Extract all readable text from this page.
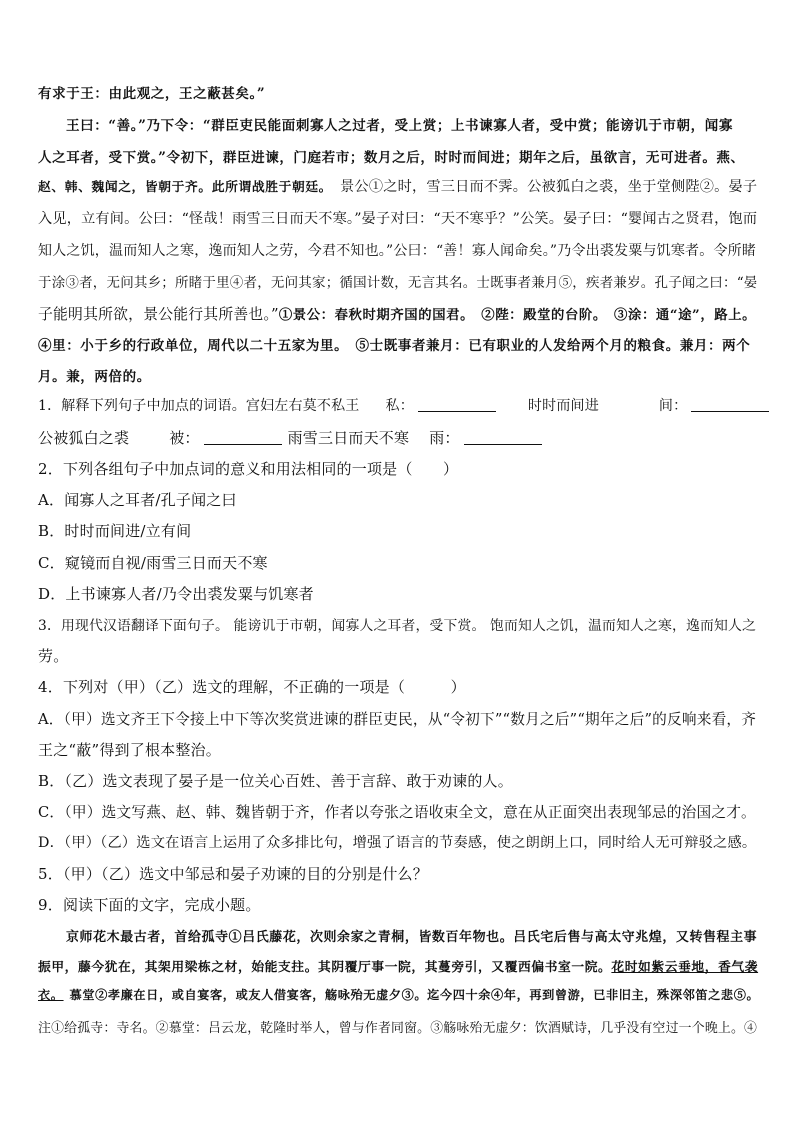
有求于王：由此观之，王之蔽甚矣。”
王曰：“善。”乃下令：“群臣吏民能面刺寡人之过者，受上赏；上书谏寡人者，受中赏；能谤讥于市朝，闻寡
人之耳者，受下赏。”令初下，群臣进谏，门庭若市；数月之后，时时而间进；期年之后，虽欲言，无可进者。燕、
赵、韩、魏闻之，皆朝于齐。此所谓战胜于朝廷。 景公①之时，雪三日而不霁。公被狐白之裘，坐于堂侧陛②。晏子
入见，立有间。公曰：“怪哉！雨雪三日而天不寒。”晏子对曰：“天不寒乎？”公笑。晏子曰：“婴闻古之贤君，饱而
知人之饥，温而知人之寒，逸而知人之劳，今君不知也。”公曰：“善！寡人闻命矣。”乃令出裘发粟与饥寒者。令所睹
于涂③者，无问其乡；所睹于里④者，无问其家；循国计数，无言其名。士既事者兼月⑤，疾者兼岁。孔子闻之曰：“晏
子能明其所欲，景公能行其所善也。”①景公：春秋时期齐国的国君。　②陛：殿堂的台阶。　③涂：通“途”，路上。
④里：小于乡的行政单位，周代以二十五家为里。　⑤士既事者兼月：已有职业的人发给两个月的粮食。兼月：两个
月。兼，两倍的。
1．解释下列句子中加点的词语。宫妇左右莫不私王 私：	时时而间进	间：
公被狐白之裘	被：	雨雪三日而天不寒 雨：
2．下列各组句子中加点词的意义和用法相同的一项是（　　）
A．闻寡人之耳者/孔子闻之曰
B．时时而间进/立有间
C．窥镜而自视/雨雪三日而天不寒
D．上书谏寡人者/乃令出裘发粟与饥寒者
3．用现代汉语翻译下面句子。 能谤讥于市朝，闻寡人之耳者，受下赏。 饱而知人之饥，温而知人之寒，逸而知人之
劳。
4．下列对（甲）（乙）选文的理解，不正确的一项是（　　　）
A．（甲）选文齐王下令接上中下等次奖赏进谏的群臣吏民，从“令初下”“数月之后”“期年之后”的反响来看，齐
王之“蔽”得到了根本整治。
B．（乙）选文表现了晏子是一位关心百姓、善于言辞、敢于劝谏的人。
C．（甲）选文写燕、赵、韩、魏皆朝于齐，作者以夸张之语收束全文，意在从正面突出表现邹忌的治国之才。
D．（甲）（乙）选文在语言上运用了众多排比句，增强了语言的节奏感，使之朗朗上口，同时给人无可辩驳之感。
5．（甲）（乙）选文中邹忌和晏子劝谏的目的分别是什么？
9．阅读下面的文字，完成小题。
京师花木最古者，首给孤寺①吕氏藤花，次则余家之青桐，皆数百年物也。吕氏宅后售与高太守兆煌，又转售程主事
振甲，藤今犹在，其架用梁栋之材，始能支拄。其阴覆厅事一院，其蔓旁引，又覆西偏书室一院。花时如紫云垂地，香气袭
衣。 慕堂②孝廉在日，或自宴客，或友人借宴客，觞咏殆无虚夕③。迄今四十余④年，再到曾游，已非旧主，殊深邻笛之悲⑤。
注①给孤寺：寺名。②慕堂：吕云龙，乾隆时举人，曾与作者同窗。③觞咏殆无虚夕：饮酒赋诗，几乎没有空过一个晚上。④
